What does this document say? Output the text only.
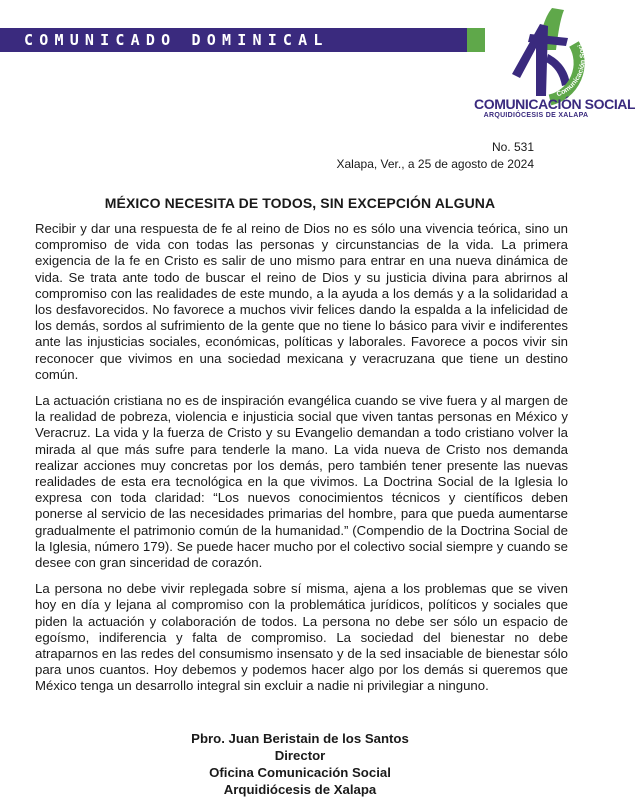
COMUNICADO DOMINICAL
Comunicación Soci
COMUNICACIÓN SOCIAL
ARQUIDIÓCESIS DE XALAPA
No. 531
Xalapa, Ver., a 25 de agosto de 2024
MÉXICO NECESITA DE TODOS, SIN EXCEPCIÓN ALGUNA

Recibir y dar una respuesta de fe al reino de Dios no es sólo una vivencia teórica, sino un compromiso de vida con todas las personas y circunstancias de la vida. La primera exigencia de la fe en Cristo es salir de uno mismo para entrar en una nueva dinámica de vida. Se trata ante todo de buscar el reino de Dios y su justicia divina para abrirnos al compromiso con las realidades de este mundo, a la ayuda a los demás y a la solidaridad a los desfavorecidos. No favorece a muchos vivir felices dando la espalda a la infelicidad de los demás, sordos al sufrimiento de la gente que no tiene lo básico para vivir e indiferentes ante las injusticias sociales, económicas, políticas y laborales. Favorece a pocos vivir sin reconocer que vivimos en una sociedad mexicana y veracruzana que tiene un destino común.

La actuación cristiana no es de inspiración evangélica cuando se vive fuera y al margen de la realidad de pobreza, violencia e injusticia social que viven tantas personas en México y Veracruz. La vida y la fuerza de Cristo y su Evangelio demandan a todo cristiano volver la mirada al que más sufre para tenderle la mano. La vida nueva de Cristo nos demanda realizar acciones muy concretas por los demás, pero también tener presente las nuevas realidades de esta era tecnológica en la que vivimos. La Doctrina Social de la Iglesia lo expresa con toda claridad: “Los nuevos conocimientos técnicos y científicos deben ponerse al servicio de las necesidades primarias del hombre, para que pueda aumentarse gradualmente el patrimonio común de la humanidad.” (Compendio de la Doctrina Social de la Iglesia, número 179). Se puede hacer mucho por el colectivo social siempre y cuando se desee con gran sinceridad de corazón.

La persona no debe vivir replegada sobre sí misma, ajena a los problemas que se viven hoy en día y lejana al compromiso con la problemática jurídicos, políticos y sociales que piden la actuación y colaboración de todos. La persona no debe ser sólo un espacio de egoísmo, indiferencia y falta de compromiso. La sociedad del bienestar no debe atraparnos en las redes del consumismo insensato y de la sed insaciable de bienestar sólo para unos cuantos. Hoy debemos y podemos hacer algo por los demás si queremos que México tenga un desarrollo integral sin excluir a nadie ni privilegiar a ninguno.

Pbro. Juan Beristain de los Santos
Director
Oficina Comunicación Social
Arquidiócesis de Xalapa
